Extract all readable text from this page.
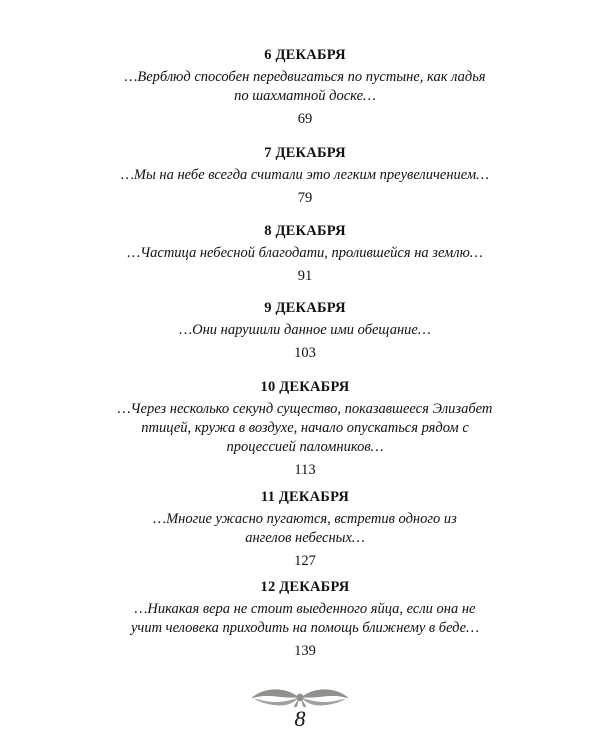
6 ДЕКАБРЯ
…Верблюд способен передвигаться по пустыне, как ладья по шахматной доске…
69
7 ДЕКАБРЯ
…Мы на небе всегда считали это легким преувеличением…
79
8 ДЕКАБРЯ
…Частица небесной благодати, пролившейся на землю…
91
9 ДЕКАБРЯ
…Они нарушили данное ими обещание…
103
10 ДЕКАБРЯ
…Через несколько секунд существо, показавшееся Элизабет птицей, кружа в воздухе, начало опускаться рядом с процессией паломников…
113
11 ДЕКАБРЯ
…Многие ужасно пугаются, встретив одного из ангелов небесных…
127
12 ДЕКАБРЯ
…Никакая вера не стоит выеденного яйца, если она не учит человека приходить на помощь ближнему в беде…
139
8
